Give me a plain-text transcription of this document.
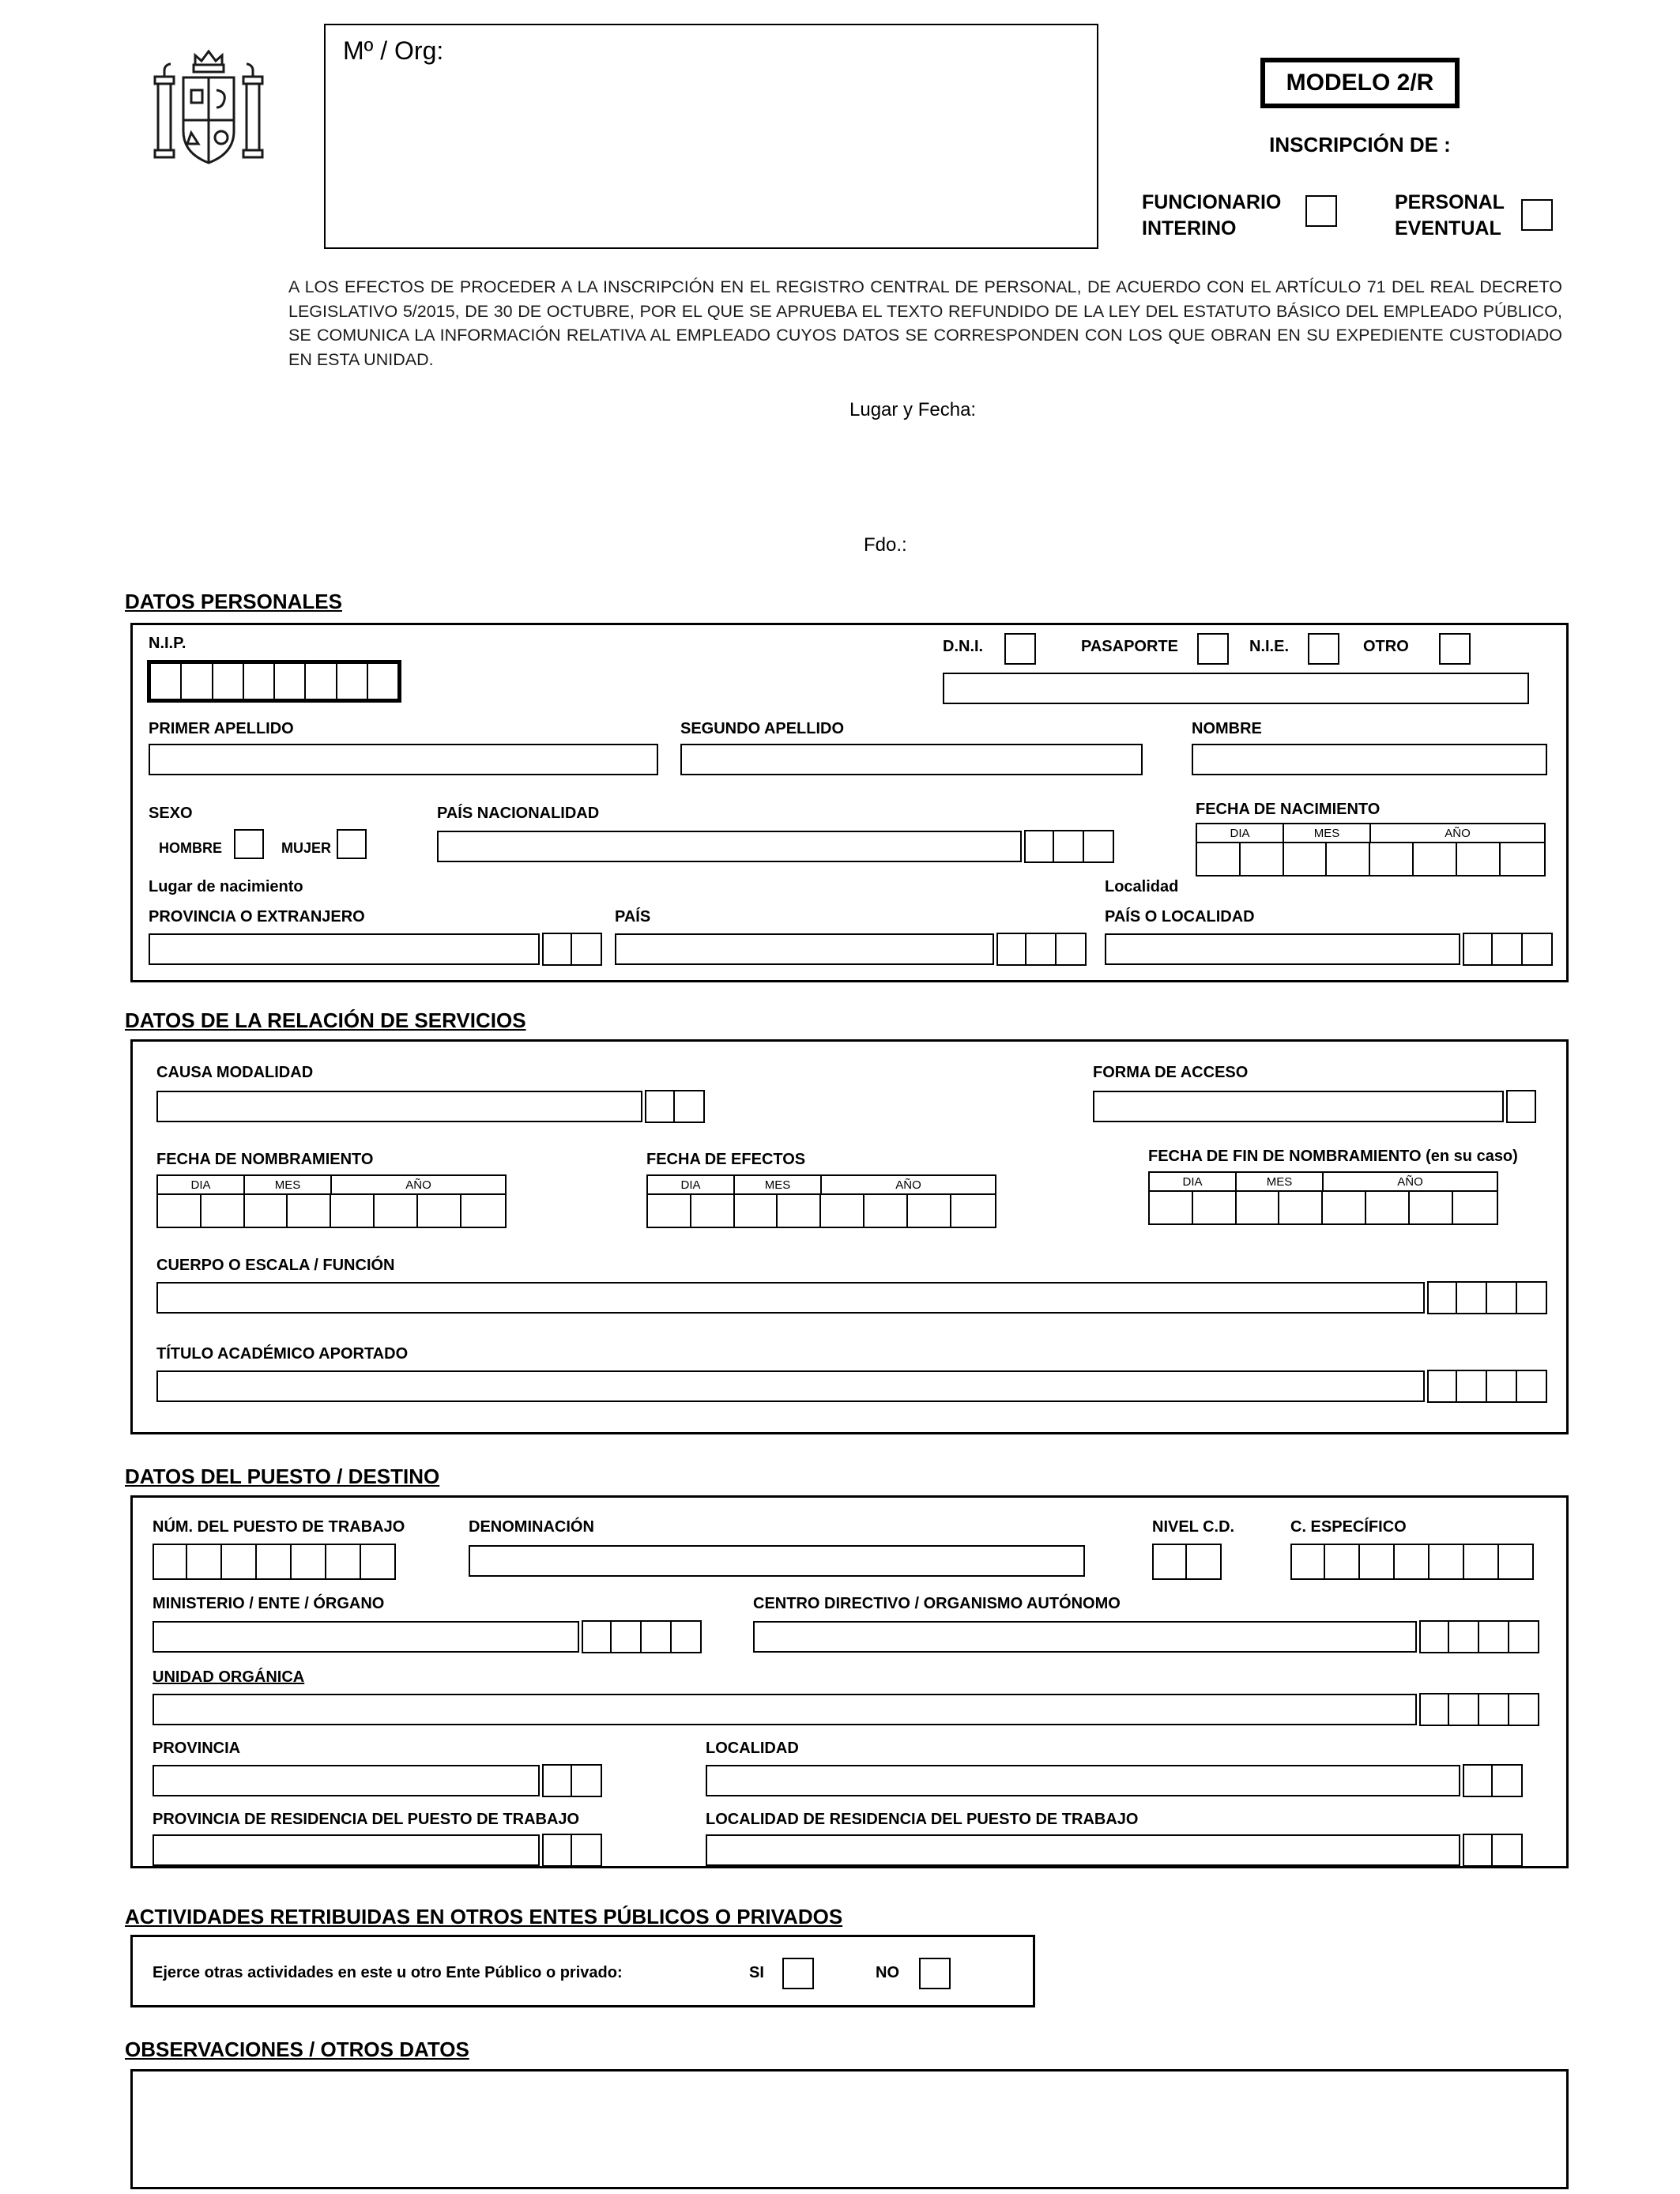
Mº / Org:
MODELO 2/R
INSCRIPCIÓN DE :
FUNCIONARIO
INTERINO
PERSONAL
EVENTUAL

A LOS EFECTOS DE PROCEDER A LA INSCRIPCIÓN EN EL REGISTRO CENTRAL DE PERSONAL, DE ACUERDO CON EL ARTÍCULO 71 DEL REAL DECRETO LEGISLATIVO 5/2015, DE 30 DE OCTUBRE, POR EL QUE SE APRUEBA EL TEXTO REFUNDIDO DE LA LEY DEL ESTATUTO BÁSICO DEL EMPLEADO PÚBLICO, SE COMUNICA LA INFORMACIÓN RELATIVA AL EMPLEADO CUYOS DATOS SE CORRESPONDEN CON LOS QUE OBRAN EN SU EXPEDIENTE CUSTODIADO EN ESTA UNIDAD.

Lugar y Fecha:
Fdo.:
DATOS PERSONALES
N.I.P.	D.N.I.	PASAPORTE	N.I.E.	OTRO
PRIMER APELLIDO	SEGUNDO APELLIDO	NOMBRE
SEXO
HOMBRE	MUJER
PAÍS NACIONALIDAD	FECHA DE NACIMIENTO
DIA	MES	AÑO
Lugar de nacimiento	Localidad
PROVINCIA O EXTRANJERO	PAÍS	PAÍS O LOCALIDAD
DATOS DE LA RELACIÓN DE SERVICIOS
CAUSA MODALIDAD	FORMA DE ACCESO
FECHA DE NOMBRAMIENTO
DIA	MES	AÑO
FECHA DE EFECTOS
DIA	MES	AÑO
FECHA DE FIN DE NOMBRAMIENTO (en su caso)
DIA	MES	AÑO
CUERPO O ESCALA / FUNCIÓN
TÍTULO ACADÉMICO APORTADO
DATOS DEL PUESTO / DESTINO
NÚM. DEL PUESTO DE TRABAJO	DENOMINACIÓN	NIVEL C.D.	C. ESPECÍFICO
MINISTERIO / ENTE / ÓRGANO	CENTRO DIRECTIVO / ORGANISMO AUTÓNOMO
UNIDAD ORGÁNICA
PROVINCIA	LOCALIDAD
PROVINCIA DE RESIDENCIA DEL PUESTO DE TRABAJO	LOCALIDAD DE RESIDENCIA DEL PUESTO DE TRABAJO
ACTIVIDADES RETRIBUIDAS EN OTROS ENTES PÚBLICOS O PRIVADOS
Ejerce otras actividades en este u otro Ente Público o privado:	SI	NO
OBSERVACIONES / OTROS DATOS
